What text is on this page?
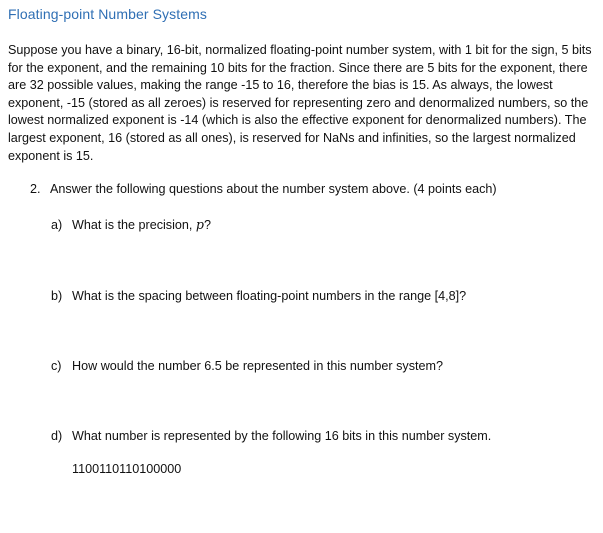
Floating-point Number Systems
Suppose you have a binary, 16-bit, normalized floating-point number system, with 1 bit for the sign, 5 bits for the exponent, and the remaining 10 bits for the fraction. Since there are 5 bits for the exponent, there are 32 possible values, making the range -15 to 16, therefore the bias is 15. As always, the lowest exponent, -15 (stored as all zeroes) is reserved for representing zero and denormalized numbers, so the lowest normalized exponent is -14 (which is also the effective exponent for denormalized numbers). The largest exponent, 16 (stored as all ones), is reserved for NaNs and infinities, so the largest normalized exponent is 15.
2. Answer the following questions about the number system above. (4 points each)
a) What is the precision, p?
b) What is the spacing between floating-point numbers in the range [4,8]?
c) How would the number 6.5 be represented in this number system?
d) What number is represented by the following 16 bits in this number system.
1100110110100000
